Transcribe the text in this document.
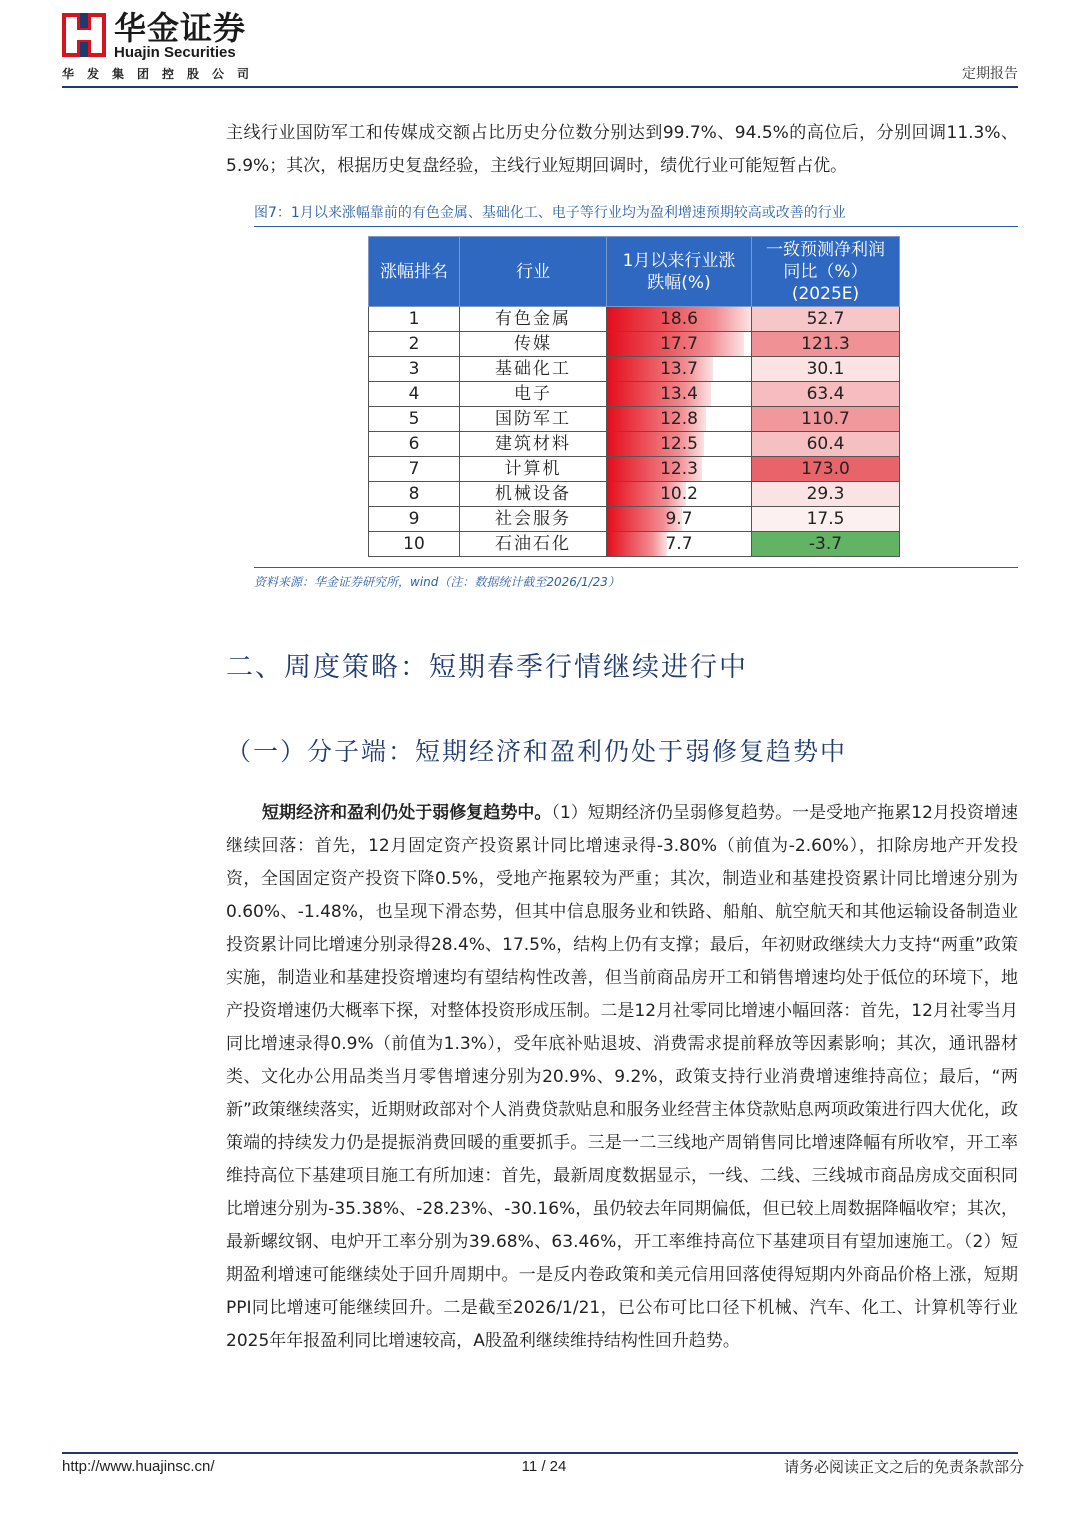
华金证券
Huajin Securities
华发集团控股公司	定期报告

主线行业国防军工和传媒成交额占比历史分位数分别达到99.7%、94.5%的高位后，分别回调11.3%、5.9%；其次，根据历史复盘经验，主线行业短期回调时，绩优行业可能短暂占优。

图7：1月以来涨幅靠前的有色金属、基础化工、电子等行业均为盈利增速预期较高或改善的行业
涨幅排名	行业	1月以来行业涨跌幅(%)	一致预测净利润同比（%）(2025E)
1	有色金属	18.6	52.7
2	传媒	17.7	121.3
3	基础化工	13.7	30.1
4	电子	13.4	63.4
5	国防军工	12.8	110.7
6	建筑材料	12.5	60.4
7	计算机	12.3	173.0
8	机械设备	10.2	29.3
9	社会服务	9.7	17.5
10	石油石化	7.7	-3.7
资料来源：华金证券研究所，wind（注：数据统计截至2026/1/23）
二、周度策略：短期春季行情继续进行中
（一）分子端：短期经济和盈利仍处于弱修复趋势中

短期经济和盈利仍处于弱修复趋势中。（1）短期经济仍呈弱修复趋势。一是受地产拖累12月投资增速继续回落：首先，12月固定资产投资累计同比增速录得-3.80%（前值为-2.60%），扣除房地产开发投资，全国固定资产投资下降0.5%，受地产拖累较为严重；其次，制造业和基建投资累计同比增速分别为0.60%、-1.48%，也呈现下滑态势，但其中信息服务业和铁路、船舶、航空航天和其他运输设备制造业投资累计同比增速分别录得28.4%、17.5%，结构上仍有支撑；最后，年初财政继续大力支持“两重”政策实施，制造业和基建投资增速均有望结构性改善，但当前商品房开工和销售增速均处于低位的环境下，地产投资增速仍大概率下探，对整体投资形成压制。二是12月社零同比增速小幅回落：首先，12月社零当月同比增速录得0.9%（前值为1.3%），受年底补贴退坡、消费需求提前释放等因素影响；其次，通讯器材类、文化办公用品类当月零售增速分别为20.9%、9.2%，政策支持行业消费增速维持高位；最后，“两新”政策继续落实，近期财政部对个人消费贷款贴息和服务业经营主体贷款贴息两项政策进行四大优化，政策端的持续发力仍是提振消费回暖的重要抓手。三是一二三线地产周销售同比增速降幅有所收窄，开工率维持高位下基建项目施工有所加速：首先，最新周度数据显示，一线、二线、三线城市商品房成交面积同比增速分别为-35.38%、-28.23%、-30.16%，虽仍较去年同期偏低，但已较上周数据降幅收窄；其次，最新螺纹钢、电炉开工率分别为39.68%、63.46%，开工率维持高位下基建项目有望加速施工。（2）短期盈利增速可能继续处于回升周期中。一是反内卷政策和美元信用回落使得短期内外商品价格上涨，短期PPI同比增速可能继续回升。二是截至2026/1/21，已公布可比口径下机械、汽车、化工、计算机等行业2025年年报盈利同比增速较高，A股盈利继续维持结构性回升趋势。

http://www.huajinsc.cn/	11 / 24	请务必阅读正文之后的免责条款部分
